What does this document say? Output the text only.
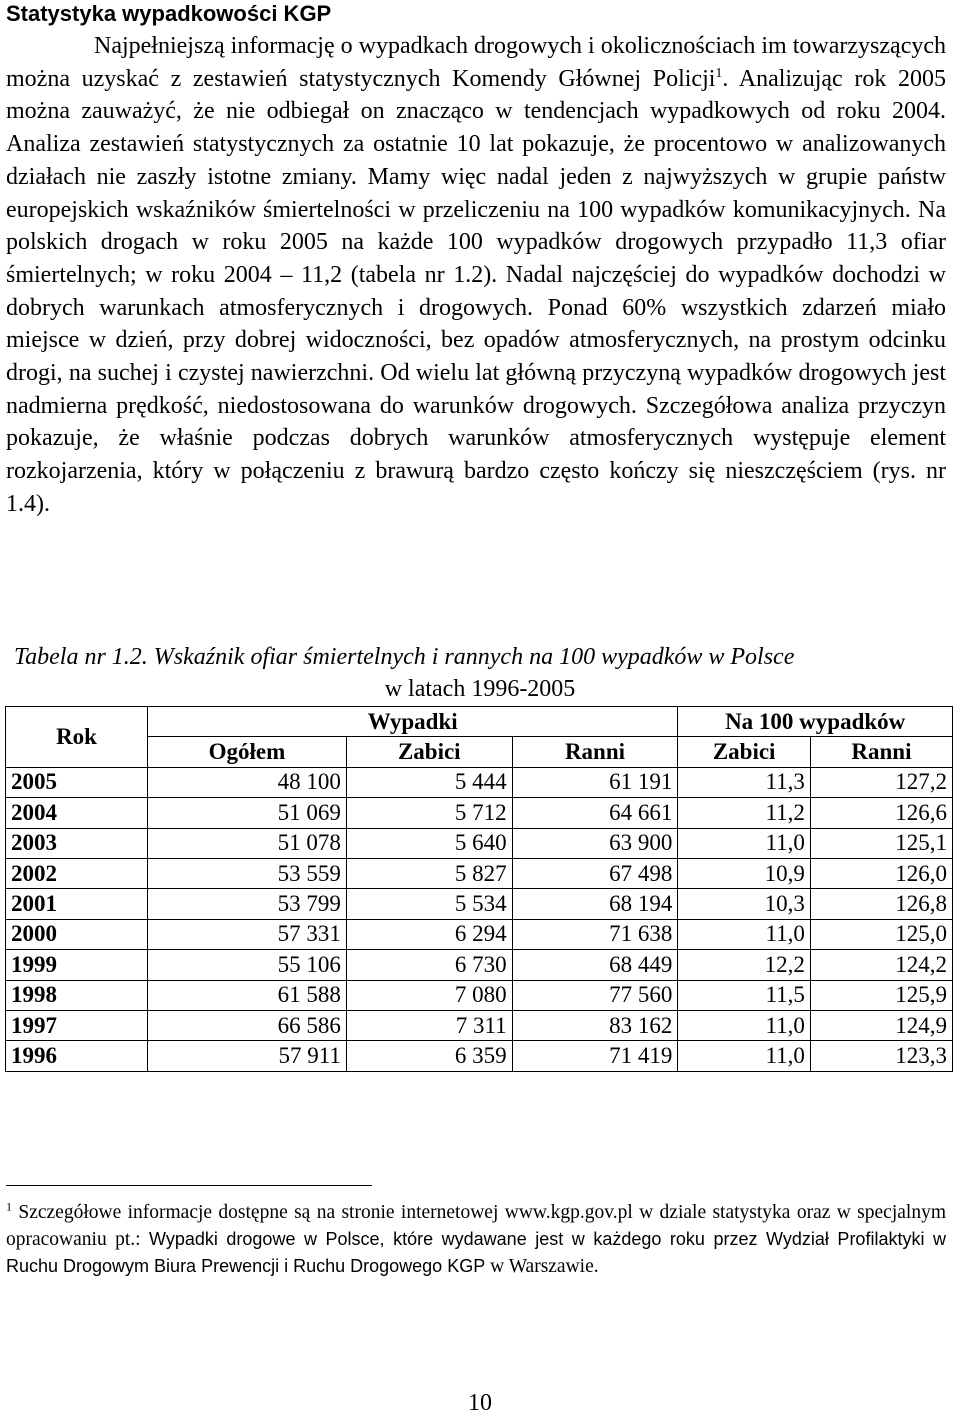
Statystyka wypadkowości KGP

Najpełniejszą informację o wypadkach drogowych i okolicznościach im towarzyszących można uzyskać z zestawień statystycznych Komendy Głównej Policji$^1$. Analizując rok 2005 można zauważyć, że nie odbiegał on znacząco w tendencjach wypadkowych od roku 2004. Analiza zestawień statystycznych za ostatnie 10 lat pokazuje, że procentowo w analizowanych działach nie zaszły istotne zmiany. Mamy więc nadal jeden z najwyższych w grupie państw europejskich wskaźników śmiertelności w przeliczeniu na 100 wypadków komunikacyjnych. Na polskich drogach w roku 2005 na każde 100 wypadków drogowych przypadło 11,3 ofiar śmiertelnych; w roku 2004 – 11,2 (tabela nr 1.2). Nadal najczęściej do wypadków dochodzi w dobrych warunkach atmosferycznych i drogowych. Ponad 60% wszystkich zdarzeń miało miejsce w dzień, przy dobrej widoczności, bez opadów atmosferycznych, na prostym odcinku drogi, na suchej i czystej nawierzchni. Od wielu lat główną przyczyną wypadków drogowych jest nadmierna prędkość, niedostosowana do warunków drogowych. Szczegółowa analiza przyczyn pokazuje, że właśnie podczas dobrych warunków atmosferycznych występuje element rozkojarzenia, który w połączeniu z brawurą bardzo często kończy się nieszczęściem (rys. nr 1.4).

Tabela nr 1.2. Wskaźnik ofiar śmiertelnych i rannych na 100 wypadków w Polsce

w latach 1996-2005

Rok	Wypadki			Na 100 wypadków	
	Ogółem	Zabici	Ranni	Zabici	Ranni
2005	48 100	5 444	61 191	11,3	127,2
2004	51 069	5 712	64 661	11,2	126,6
2003	51 078	5 640	63 900	11,0	125,1
2002	53 559	5 827	67 498	10,9	126,0
2001	53 799	5 534	68 194	10,3	126,8
2000	57 331	6 294	71 638	11,0	125,0
1999	55 106	6 730	68 449	12,2	124,2
1998	61 588	7 080	77 560	11,5	125,9
1997	66 586	7 311	83 162	11,0	124,9
1996	57 911	6 359	71 419	11,0	123,3

$^1$ Szczegółowe informacje dostępne są na stronie internetowej www.kgp.gov.pl w dziale statystyka oraz w specjalnym opracowaniu pt.: Wypadki drogowe w Polsce, które wydawane jest w każdego roku przez Wydział Profilaktyki w Ruchu Drogowym Biura Prewencji i Ruchu Drogowego KGP w Warszawie.

10
